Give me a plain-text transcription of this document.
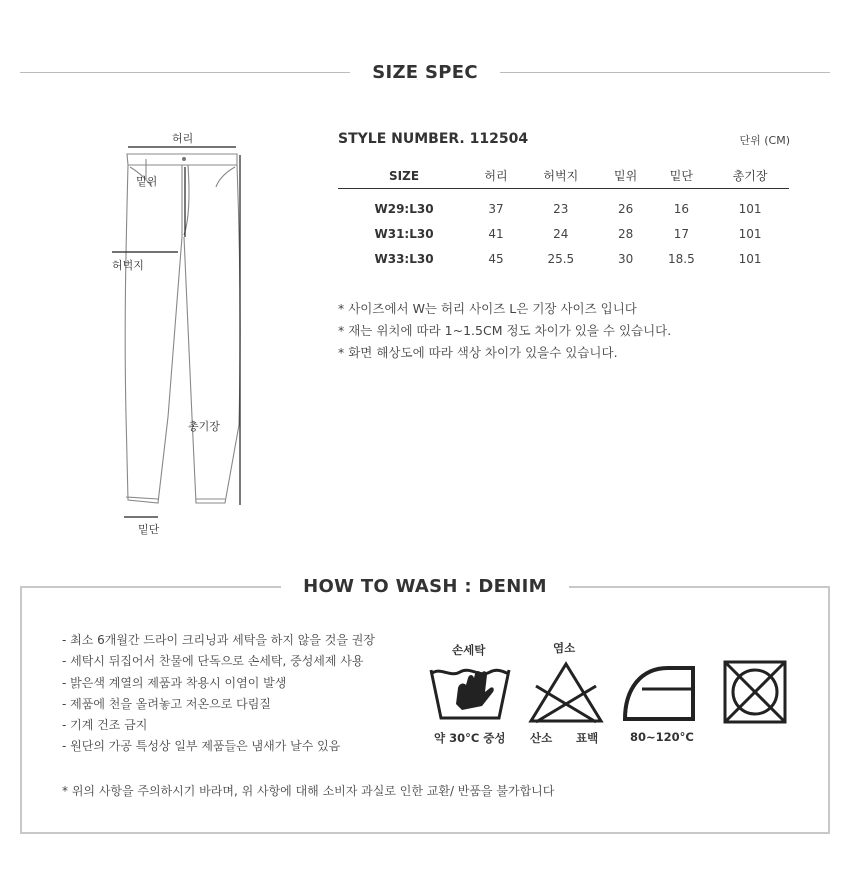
SIZE SPEC
허리
밑위
허벅지
총기장
밑단
STYLE NUMBER. 112504	단위 (CM)
SIZE	허리	허벅지	밑위	밑단	총기장
W29:L30	37	23	26	16	101
W31:L30	41	24	28	17	101
W33:L30	45	25.5	30	18.5	101
* 사이즈에서 W는 허리 사이즈 L은 기장 사이즈 입니다
* 재는 위치에 따라 1~1.5CM 정도 차이가 있을 수 있습니다.
* 화면 해상도에 따라 색상 차이가 있을수 있습니다.
HOW TO WASH : DENIM
- 최소 6개월간 드라이 크리닝과 세탁을 하지 않을 것을 권장
- 세탁시 뒤집어서 찬물에 단독으로 손세탁, 중성세제 사용
- 밝은색 계열의 제품과 착용시 이염이 발생
- 제품에 천을 올려놓고 저온으로 다림질
- 기계 건조 금지
- 원단의 가공 특성상 일부 제품들은 냄새가 날수 있음
손세탁
약 30°C 중성
염소
산소 표백	80~120°C
* 위의 사항을 주의하시기 바라며, 위 사항에 대해 소비자 과실로 인한 교환/ 반품을 불가합니다
